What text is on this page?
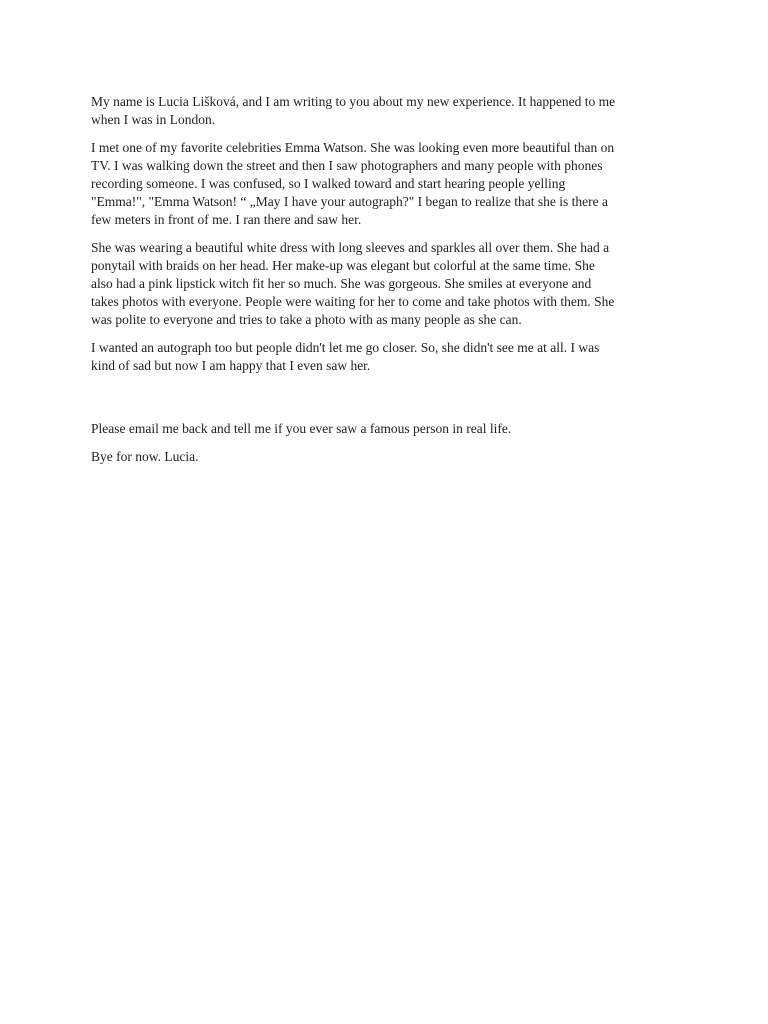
My name is Lucia Lišková, and I am writing to you about my new experience. It happened to me
when I was in London.

I met one of my favorite celebrities Emma Watson. She was looking even more beautiful than on
TV. I was walking down the street and then I saw photographers and many people with phones
recording someone. I was confused, so I walked toward and start hearing people yelling
"Emma!", "Emma Watson! “ „May I have your autograph?" I began to realize that she is there a
few meters in front of me. I ran there and saw her.

She was wearing a beautiful white dress with long sleeves and sparkles all over them. She had a
ponytail with braids on her head. Her make-up was elegant but colorful at the same time. She
also had a pink lipstick witch fit her so much. She was gorgeous. She smiles at everyone and
takes photos with everyone. People were waiting for her to come and take photos with them. She
was polite to everyone and tries to take a photo with as many people as she can.

I wanted an autograph too but people didn't let me go closer. So, she didn't see me at all. I was
kind of sad but now I am happy that I even saw her.

Please email me back and tell me if you ever saw a famous person in real life.

Bye for now. Lucia.
